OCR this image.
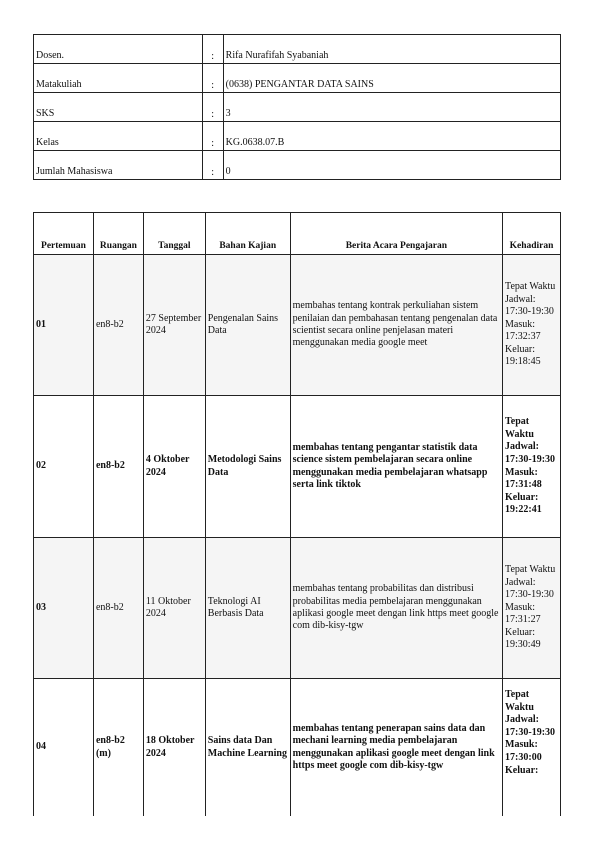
Dosen.	:	Rifa Nurafifah Syabaniah
Matakuliah	:	(0638) PENGANTAR DATA SAINS
SKS	:	3
Kelas	:	KG.0638.07.B
Jumlah Mahasiswa	:	0
Pertemuan	Ruangan	Tanggal	Bahan Kajian	Berita Acara Pengajaran	Kehadiran
01	en8-b2	27 September 2024	Pengenalan Sains Data	membahas tentang kontrak perkuliahan sistem penilaian dan pembahasan tentang pengenalan data scientist secara online penjelasan materi menggunakan media google meet	Tepat Waktu Jadwal: 17:30-19:30 Masuk: 17:32:37 Keluar: 19:18:45
02	en8-b2	4 Oktober 2024	Metodologi Sains Data	membahas tentang pengantar statistik data science sistem pembelajaran secara online menggunakan media pembelajaran whatsapp serta link tiktok	Tepat Waktu Jadwal: 17:30-19:30 Masuk: 17:31:48 Keluar: 19:22:41
03	en8-b2	11 Oktober 2024	Teknologi AI Berbasis Data	membahas tentang probabilitas dan distribusi probabilitas media pembelajaran menggunakan aplikasi google meet dengan link https meet google com dib-kisy-tgw	Tepat Waktu Jadwal: 17:30-19:30 Masuk: 17:31:27 Keluar: 19:30:49
04	en8-b2 (m)	18 Oktober 2024	Sains data Dan Machine Learning	membahas tentang penerapan sains data dan mechani learning media pembelajaran menggunakan aplikasi google meet dengan link https meet google com dib-kisy-tgw	Tepat Waktu Jadwal: 17:30-19:30 Masuk: 17:30:00 Keluar:
